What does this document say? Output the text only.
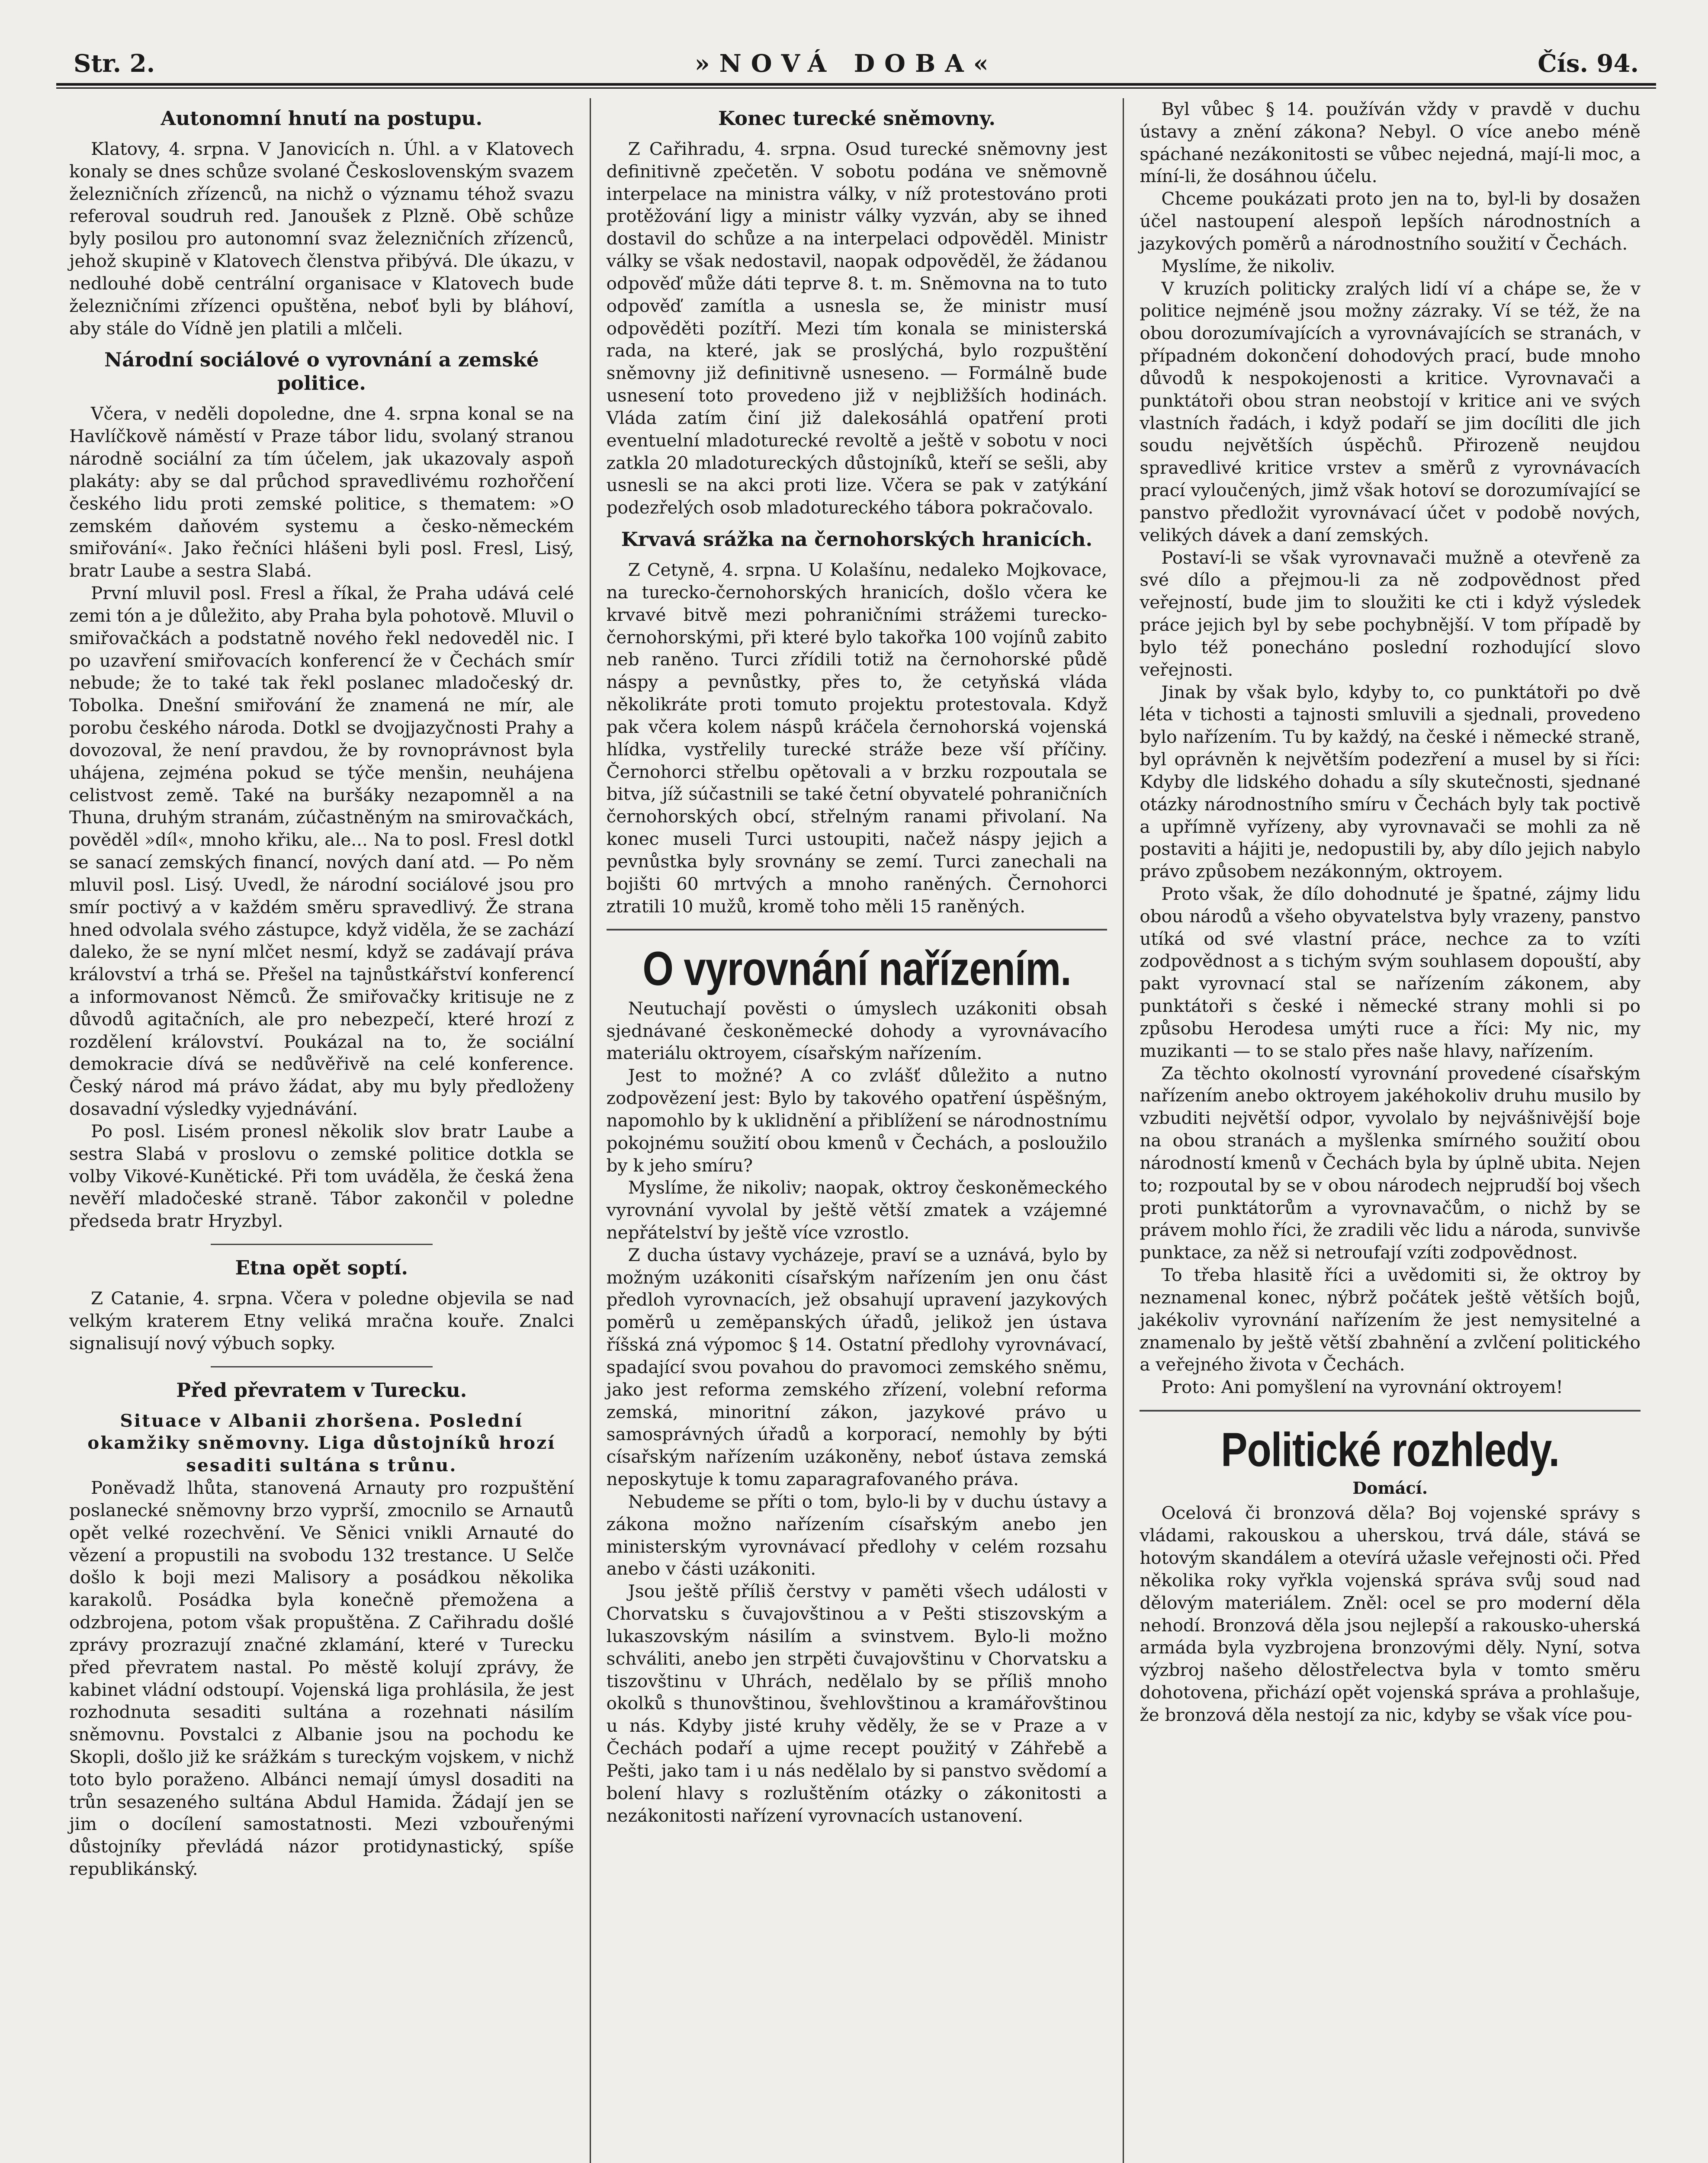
Str. 2.	»NOVÁ DOBA«	Čís. 94.
Autonomní hnutí na postupu.

Klatovy, 4. srpna. V Janovicích n. Úhl. a v Klatovech konaly se dnes schůze svolané Československým svazem železničních zřízenců, na nichž o významu téhož svazu referoval soudruh red. Janoušek z Plzně. Obě schůze byly posilou pro autonomní svaz železničních zřízenců, jehož skupině v Klatovech členstva přibývá. Dle úkazu, v nedlouhé době centrální organisace v Klatovech bude železničními zřízenci opuštěna, neboť byli by bláhoví, aby stále do Vídně jen platili a mlčeli.

Národní sociálové o vyrovnání a zemské politice.

Včera, v neděli dopoledne, dne 4. srpna konal se na Havlíčkově náměstí v Praze tábor lidu, svolaný stranou národně sociální za tím účelem, jak ukazovaly aspoň plakáty: aby se dal průchod spravedlivému rozhořčení českého lidu proti zemské politice, s thematem: »O zemském daňovém systemu a česko-německém smiřování«. Jako řečníci hlášeni byli posl. Fresl, Lisý, bratr Laube a sestra Slabá.

První mluvil posl. Fresl a říkal, že Praha udává celé zemi tón a je důležito, aby Praha byla pohotově. Mluvil o smiřovačkách a podstatně nového řekl nedoveděl nic. I po uzavření smiřovacích konferencí že v Čechách smír nebude; že to také tak řekl poslanec mladočeský dr. Tobolka. Dnešní smiřování že znamená ne mír, ale porobu českého národa. Dotkl se dvojjazyčnosti Prahy a dovozoval, že není pravdou, že by rovnoprávnost byla uhájena, zejména pokud se týče menšin, neuhájena celistvost země. Také na buršáky nezapomněl a na Thuna, druhým stranám, zúčastněným na smirovačkách, pověděl »díl«, mnoho křiku, ale... Na to posl. Fresl dotkl se sanací zemských financí, nových daní atd. — Po něm mluvil posl. Lisý. Uvedl, že národní sociálové jsou pro smír poctivý a v každém směru spravedlivý. Že strana hned odvolala svého zástupce, když viděla, že se zachází daleko, že se nyní mlčet nesmí, když se zadávají práva království a trhá se. Přešel na tajnůstkářství konferencí a informovanost Němců. Že smiřovačky kritisuje ne z důvodů agitačních, ale pro nebezpečí, které hrozí z rozdělení království. Poukázal na to, že sociální demokracie dívá se nedůvěřivě na celé konference. Český národ má právo žádat, aby mu byly předloženy dosavadní výsledky vyjednávání.

Po posl. Lisém pronesl několik slov bratr Laube a sestra Slabá v proslovu o zemské politice dotkla se volby Vikové-Kunětické. Při tom uváděla, že česká žena nevěří mladočeské straně. Tábor zakončil v poledne předseda bratr Hryzbyl.

Etna opět soptí.

Z Catanie, 4. srpna. Včera v poledne objevila se nad velkým kraterem Etny veliká mračna kouře. Znalci signalisují nový výbuch sopky.

Před převratem v Turecku.

Situace v Albanii zhoršena. Poslední okamžiky sněmovny. Liga důstojníků hrozí sesaditi sultána s trůnu.

Poněvadž lhůta, stanovená Arnauty pro rozpuštění poslanecké sněmovny brzo vyprší, zmocnilo se Arnautů opět velké rozechvění. Ve Sěnici vnikli Arnauté do vězení a propustili na svobodu 132 trestance. U Selče došlo k boji mezi Malisory a posádkou několika karakolů. Posádka byla konečně přemožena a odzbrojena, potom však propuštěna. Z Cařihradu došlé zprávy prozrazují značné zklamání, které v Turecku před převratem nastal. Po městě kolují zprávy, že kabinet vládní odstoupí. Vojenská liga prohlásila, že jest rozhodnuta sesaditi sultána a rozehnati násilím sněmovnu. Povstalci z Albanie jsou na pochodu ke Skopli, došlo již ke srážkám s tureckým vojskem, v nichž toto bylo poraženo. Albánci nemají úmysl dosaditi na trůn sesazeného sultána Abdul Hamida. Žádají jen se jim o docílení samostatnosti. Mezi vzbouřenými důstojníky převládá názor protidynastický, spíše republikánský.

Konec turecké sněmovny.

Z Cařihradu, 4. srpna. Osud turecké sněmovny jest definitivně zpečetěn. V sobotu podána ve sněmovně interpelace na ministra války, v níž protestováno proti protěžování ligy a ministr války vyzván, aby se ihned dostavil do schůze a na interpelaci odpověděl. Ministr války se však nedostavil, naopak odpověděl, že žádanou odpověď může dáti teprve 8. t. m. Sněmovna na to tuto odpověď zamítla a usnesla se, že ministr musí odpověděti pozítří. Mezi tím konala se ministerská rada, na které, jak se proslýchá, bylo rozpuštění sněmovny již definitivně usneseno. — Formálně bude usnesení toto provedeno již v nejbližších hodinách. Vláda zatím činí již dalekosáhlá opatření proti eventuelní mladoturecké revoltě a ještě v sobotu v noci zatkla 20 mladotureckých důstojníků, kteří se sešli, aby usnesli se na akci proti lize. Včera se pak v zatýkání podezřelých osob mladotureckého tábora pokračovalo.

Krvavá srážka na černohorských hranicích.

Z Cetyně, 4. srpna. U Kolašínu, nedaleko Mojkovace, na turecko-černohorských hranicích, došlo včera ke krvavé bitvě mezi pohraničními strážemi turecko-černohorskými, při které bylo takořka 100 vojínů zabito neb raněno. Turci zřídili totiž na černohorské půdě náspy a pevnůstky, přes to, že cetyňská vláda několikráte proti tomuto projektu protestovala. Když pak včera kolem náspů kráčela černohorská vojenská hlídka, vystřelily turecké stráže beze vší příčiny. Černohorci střelbu opětovali a v brzku rozpoutala se bitva, jíž súčastnili se také četní obyvatelé pohraničních černohorských obcí, střelným ranami přivolaní. Na konec museli Turci ustoupiti, načež náspy jejich a pevnůstka byly srovnány se zemí. Turci zanechali na bojišti 60 mrtvých a mnoho raněných. Černohorci ztratili 10 mužů, kromě toho měli 15 raněných.

O vyrovnání nařízením.

Neutuchají pověsti o úmyslech uzákoniti obsah sjednávané českoněmecké dohody a vyrovnávacího materiálu oktroyem, císařským nařízením.

Jest to možné? A co zvlášť důležito a nutno zodpovězení jest: Bylo by takového opatření úspěšným, napomohlo by k uklidnění a přiblížení se národnostnímu pokojnému soužití obou kmenů v Čechách, a posloužilo by k jeho smíru?

Myslíme, že nikoliv; naopak, oktroy českoněmeckého vyrovnání vyvolal by ještě větší zmatek a vzájemné nepřátelství by ještě více vzrostlo.

Z ducha ústavy vycházeje, praví se a uznává, bylo by možným uzákoniti císařským nařízením jen onu část předloh vyrovnacích, jež obsahují upravení jazykových poměrů u zeměpanských úřadů, jelikož jen ústava říšská zná výpomoc § 14. Ostatní předlohy vyrovnávací, spadající svou povahou do pravomoci zemského sněmu, jako jest reforma zemského zřízení, volební reforma zemská, minoritní zákon, jazykové právo u samosprávných úřadů a korporací, nemohly by býti císařským nařízením uzákoněny, neboť ústava zemská neposkytuje k tomu zaparagrafovaného práva.

Nebudeme se příti o tom, bylo-li by v duchu ústavy a zákona možno nařízením císařským anebo jen ministerským vyrovnávací předlohy v celém rozsahu anebo v části uzákoniti.

Jsou ještě příliš čerstvy v paměti všech události v Chorvatsku s čuvajovštinou a v Pešti stiszovským a lukaszovským násilím a svinstvem. Bylo-li možno schváliti, anebo jen strpěti čuvajovštinu v Chorvatsku a tiszovštinu v Uhrách, nedělalo by se příliš mnoho okolků s thunovštinou, švehlovštinou a kramářovštinou u nás. Kdyby jisté kruhy věděly, že se v Praze a v Čechách podaří a ujme recept použitý v Záhřebě a Pešti, jako tam i u nás nedělalo by si panstvo svědomí a bolení hlavy s rozluštěním otázky o zákonitosti a nezákonitosti nařízení vyrovnacích ustanovení.

Byl vůbec § 14. používán vždy v pravdě v duchu ústavy a znění zákona? Nebyl. O více anebo méně spáchané nezákonitosti se vůbec nejedná, mají-li moc, a míní-li, že dosáhnou účelu.

Chceme poukázati proto jen na to, byl-li by dosažen účel nastoupení alespoň lepších národnostních a jazykových poměrů a národnostního soužití v Čechách.

Myslíme, že nikoliv.

V kruzích politicky zralých lidí ví a chápe se, že v politice nejméně jsou možny zázraky. Ví se též, že na obou dorozumívajících a vyrovnávajících se stranách, v případném dokončení dohodových prací, bude mnoho důvodů k nespokojenosti a kritice. Vyrovnavači a punktátoři obou stran neobstojí v kritice ani ve svých vlastních řadách, i když podaří se jim docíliti dle jich soudu největších úspěchů. Přirozeně neujdou spravedlivé kritice vrstev a směrů z vyrovnávacích prací vyloučených, jimž však hotoví se dorozumívající se panstvo předložit vyrovnávací účet v podobě nových, velikých dávek a daní zemských.

Postaví-li se však vyrovnavači mužně a otevřeně za své dílo a přejmou-li za ně zodpovědnost před veřejností, bude jim to sloužiti ke cti i když výsledek práce jejich byl by sebe pochybnější. V tom případě by bylo též ponecháno poslední rozhodující slovo veřejnosti.

Jinak by však bylo, kdyby to, co punktátoři po dvě léta v tichosti a tajnosti smluvili a sjednali, provedeno bylo nařízením. Tu by každý, na české i německé straně, byl oprávněn k největším podezření a musel by si říci: Kdyby dle lidského dohadu a síly skutečnosti, sjednané otázky národnostního smíru v Čechách byly tak poctivě a upřímně vyřízeny, aby vyrovnavači se mohli za ně postaviti a hájiti je, nedopustili by, aby dílo jejich nabylo právo způsobem nezákonným, oktroyem.

Proto však, že dílo dohodnuté je špatné, zájmy lidu obou národů a všeho obyvatelstva byly vrazeny, panstvo utíká od své vlastní práce, nechce za to vzíti zodpovědnost a s tichým svým souhlasem dopouští, aby pakt vyrovnací stal se nařízením zákonem, aby punktátoři s české i německé strany mohli si po způsobu Herodesa umýti ruce a říci: My nic, my muzikanti — to se stalo přes naše hlavy, nařízením.

Za těchto okolností vyrovnání provedené císařským nařízením anebo oktroyem jakéhokoliv druhu musilo by vzbuditi největší odpor, vyvolalo by nejvášnivější boje na obou stranách a myšlenka smírného soužití obou národností kmenů v Čechách byla by úplně ubita. Nejen to; rozpoutal by se v obou národech nejprudší boj všech proti punktátorům a vyrovnavačům, o nichž by se právem mohlo říci, že zradili věc lidu a národa, sunvivše punktace, za něž si netroufají vzíti zodpovědnost.

To třeba hlasitě říci a uvědomiti si, že oktroy by neznamenal konec, nýbrž počátek ještě větších bojů, jakékoliv vyrovnání nařízením že jest nemysitelné a znamenalo by ještě větší zbahnění a zvlčení politického a veřejného života v Čechách.

Proto: Ani pomyšlení na vyrovnání oktroyem!

Politické rozhledy.
Domácí.

Ocelová či bronzová děla? Boj vojenské správy s vládami, rakouskou a uherskou, trvá dále, stává se hotovým skandálem a otevírá užasle veřejnosti oči. Před několika roky vyřkla vojenská správa svůj soud nad dělovým materiálem. Zněl: ocel se pro moderní děla nehodí. Bronzová děla jsou nejlepší a rakousko-uherská armáda byla vyzbrojena bronzovými děly. Nyní, sotva výzbroj našeho dělostřelectva byla v tomto směru dohotovena, přichází opět vojenská správa a prohlašuje, že bronzová děla nestojí za nic, kdyby se však více pou-
